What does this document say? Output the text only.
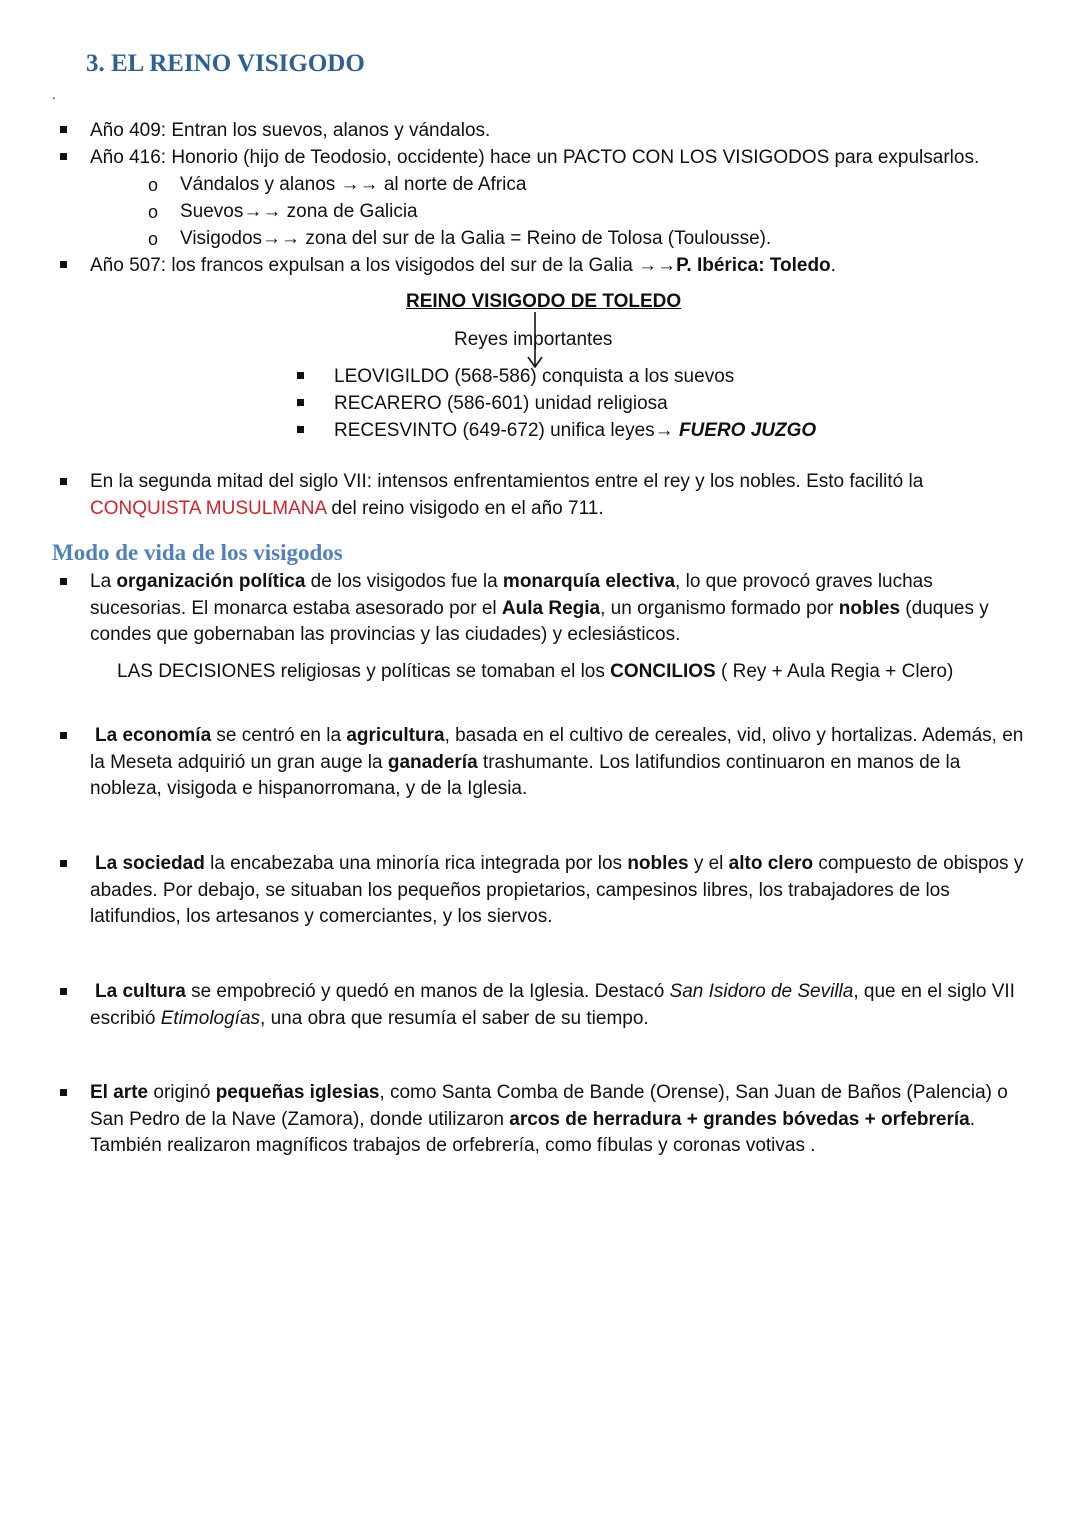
3. EL REINO VISIGODO
.
Año 409: Entran los suevos, alanos y vándalos.
Año 416: Honorio (hijo de Teodosio, occidente) hace un PACTO CON LOS VISIGODOS para expulsarlos.
o Vándalos y alanos →→ al norte de Africa
o Suevos→→ zona de Galicia
o Visigodos→→ zona del sur de la Galia = Reino de Tolosa (Toulousse).
Año 507: los francos expulsan a los visigodos del sur de la Galia →→P. Ibérica: Toledo.
REINO VISIGODO DE TOLEDO
Reyes importantes
LEOVIGILDO (568-586) conquista a los suevos
RECARERO (586-601) unidad religiosa
RECESVINTO (649-672) unifica leyes→ FUERO JUZGO
En la segunda mitad del siglo VII: intensos enfrentamientos entre el rey y los nobles. Esto facilitó la CONQUISTA MUSULMANA del reino visigodo en el año 711.
Modo de vida de los visigodos
La organización política de los visigodos fue la monarquía electiva, lo que provocó graves luchas sucesorias. El monarca estaba asesorado por el Aula Regia, un organismo formado por nobles (duques y condes que gobernaban las provincias y las ciudades) y eclesiásticos.
LAS DECISIONES religiosas y políticas se tomaban el los CONCILIOS ( Rey + Aula Regia + Clero)
La economía se centró en la agricultura, basada en el cultivo de cereales, vid, olivo y hortalizas. Además, en la Meseta adquirió un gran auge la ganadería trashumante. Los latifundios continuaron en manos de la nobleza, visigoda e hispanorromana, y de la Iglesia.
La sociedad la encabezaba una minoría rica integrada por los nobles y el alto clero compuesto de obispos y abades. Por debajo, se situaban los pequeños propietarios, campesinos libres, los trabajadores de los latifundios, los artesanos y comerciantes, y los siervos.
La cultura se empobreció y quedó en manos de la Iglesia. Destacó San Isidoro de Sevilla, que en el siglo VII escribió Etimologías, una obra que resumía el saber de su tiempo.
El arte originó pequeñas iglesias, como Santa Comba de Bande (Orense), San Juan de Baños (Palencia) o San Pedro de la Nave (Zamora), donde utilizaron arcos de herradura + grandes bóvedas + orfebrería. También realizaron magníficos trabajos de orfebrería, como fíbulas y coronas votivas .
